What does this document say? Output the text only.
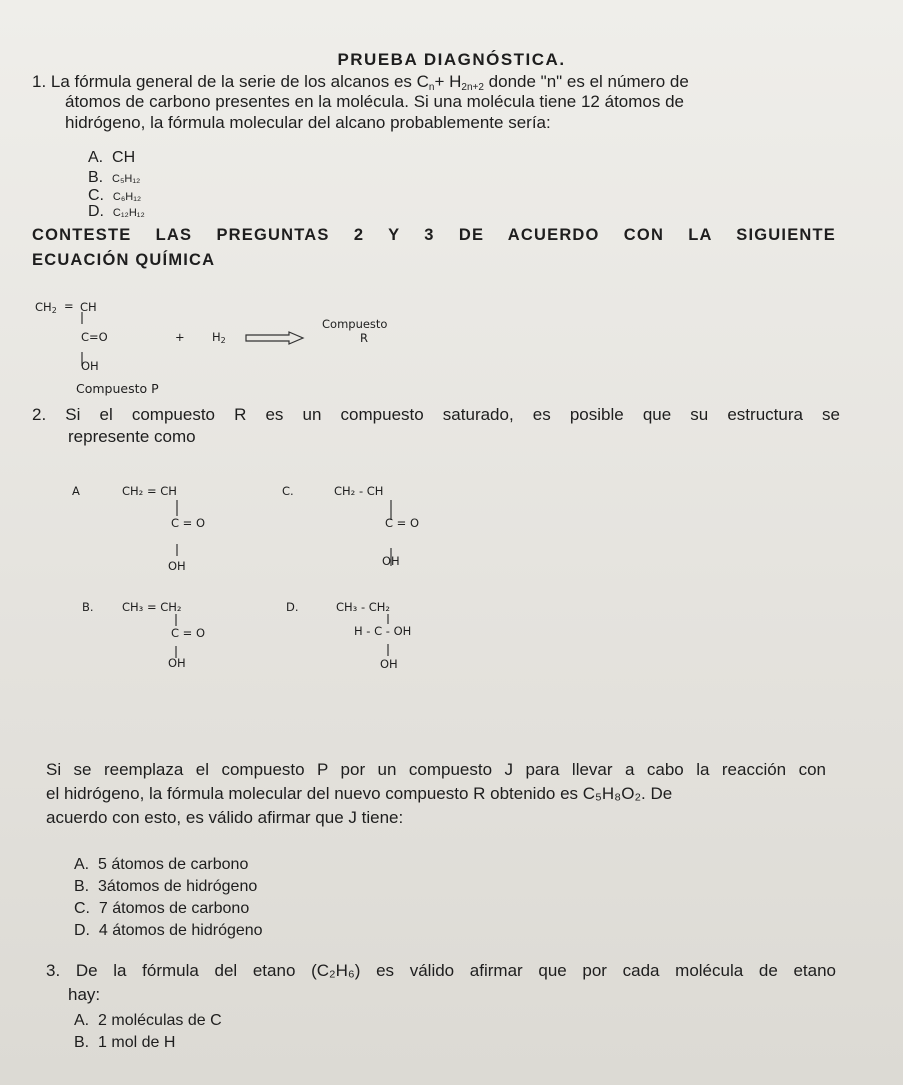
PRUEBA DIAGNÓSTICA.
1. La fórmula general de la serie de los alcanos es $C_n+ H_{2n+2}$ donde "n" es el número de
átomos de carbono presentes en la molécula. Si una molécula tiene 12 átomos de
hidrógeno, la fórmula molecular del alcano probablemente sería:
A. CH
B. C₅H₁₂
C. C₆H₁₂
D. C₁₂H₁₂
CONTESTE LAS PREGUNTAS 2 Y 3 DE ACUERDO CON LA SIGUIENTE
ECUACIÓN QUÍMICA
$CH_2$ = CH
C=O
OH
+ $H_2$
Compuesto
R
Compuesto P
2. Si el compuesto R es un compuesto saturado, es posible que su estructura se
represente como
A	CH₂ = CH
C = O
OH
C.	CH₂ - CH
C = O
OH
B. CH₃ = CH₂
C = O
OH
D.	CH₃ - CH₂
H - C - OH
OH
Si se reemplaza el compuesto P por un compuesto J para llevar a cabo la reacción con
el hidrógeno, la fórmula molecular del nuevo compuesto R obtenido es C₅H₈O₂. De
acuerdo con esto, es válido afirmar que J tiene:
A. 5 átomos de carbono
B. 3átomos de hidrógeno
C. 7 átomos de carbono
D. 4 átomos de hidrógeno
3. De la fórmula del etano (C₂H₆) es válido afirmar que por cada molécula de etano
hay:
A. 2 moléculas de C
B. 1 mol de H
